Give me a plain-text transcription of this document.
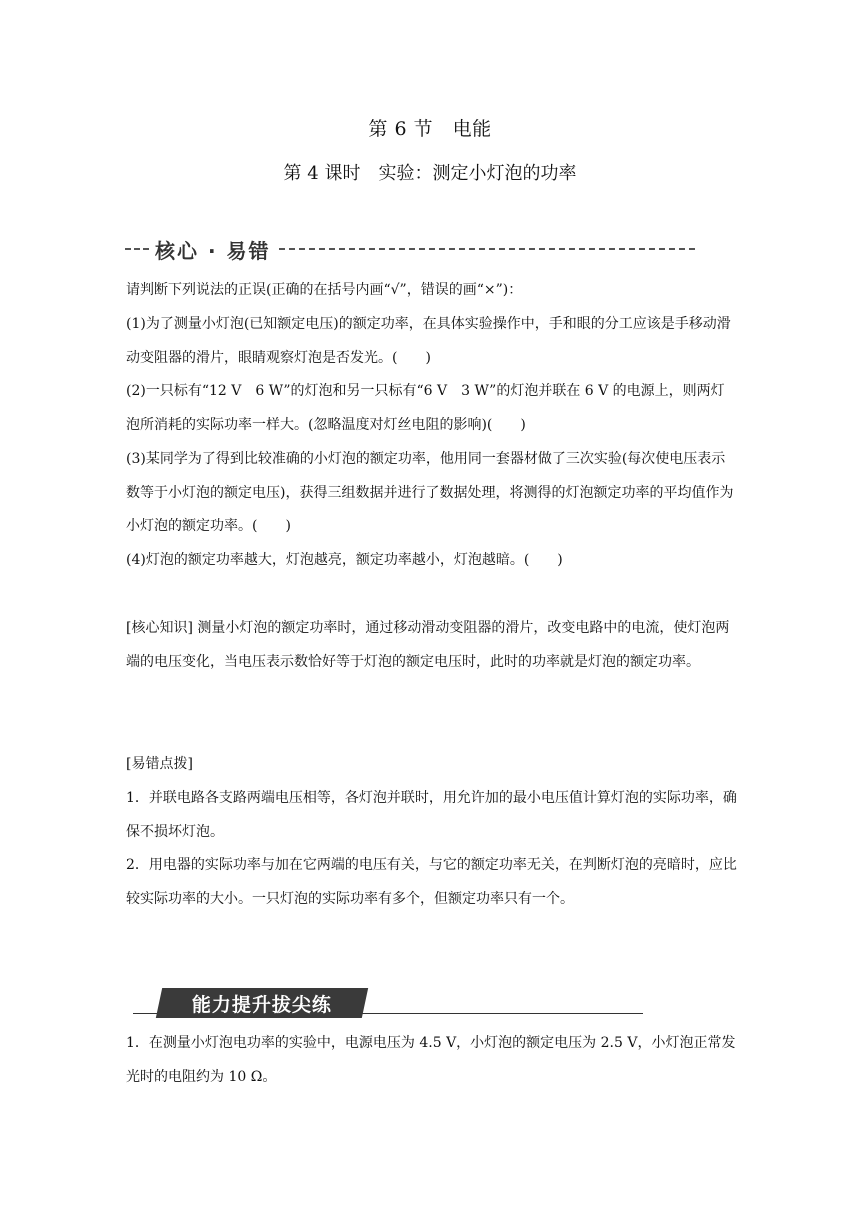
第 6 节　电能
第 4 课时　实验：测定小灯泡的功率
核心 · 易错

请判断下列说法的正误(正确的在括号内画“√”，错误的画“×”)：

(1)为了测量小灯泡(已知额定电压)的额定功率，在具体实验操作中，手和眼的分工应该是手移动滑动变阻器的滑片，眼睛观察灯泡是否发光。(　　)

(2)一只标有“12 V　6 W”的灯泡和另一只标有“6 V　3 W”的灯泡并联在 6 V 的电源上，则两灯泡所消耗的实际功率一样大。(忽略温度对灯丝电阻的影响)(　　)

(3)某同学为了得到比较准确的小灯泡的额定功率，他用同一套器材做了三次实验(每次使电压表示数等于小灯泡的额定电压)，获得三组数据并进行了数据处理，将测得的灯泡额定功率的平均值作为小灯泡的额定功率。(　　)

(4)灯泡的额定功率越大，灯泡越亮，额定功率越小，灯泡越暗。(　　)

[核心知识] 测量小灯泡的额定功率时，通过移动滑动变阻器的滑片，改变电路中的电流，使灯泡两端的电压变化，当电压表示数恰好等于灯泡的额定电压时，此时的功率就是灯泡的额定功率。

[易错点拨]

1．并联电路各支路两端电压相等，各灯泡并联时，用允许加的最小电压值计算灯泡的实际功率，确保不损坏灯泡。

2．用电器的实际功率与加在它两端的电压有关，与它的额定功率无关，在判断灯泡的亮暗时，应比较实际功率的大小。一只灯泡的实际功率有多个，但额定功率只有一个。

能力提升拔尖练

1．在测量小灯泡电功率的实验中，电源电压为 4.5 V，小灯泡的额定电压为 2.5 V，小灯泡正常发光时的电阻约为 10 Ω。
